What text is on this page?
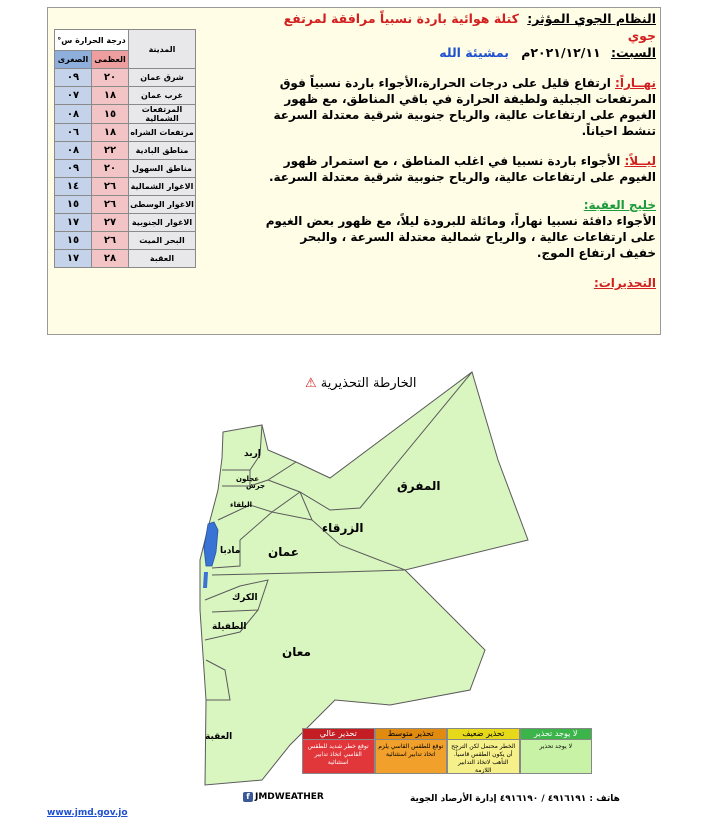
المدينة	درجة الحرارة س°	
	العظمى	الصغرى
شرق عمان	٢٠	٠٩
غرب عمان	١٨	٠٧
المرتفعات الشمالية	١٥	٠٨
مرتفعات الشراه	١٨	٠٦
مناطق البادية	٢٢	٠٨
مناطق السهول	٢٠	٠٩
الاغوار الشمالية	٢٦	١٤
الاغوار الوسطى	٢٦	١٥
الاغوار الجنوبية	٢٧	١٧
البحر الميت	٢٦	١٥
العقبة	٢٨	١٧
النظام الجوي المؤثر: كتلة هوائية باردة نسبياً مرافقة لمرتفع جوي
السبت: ٢٠٢١/١٢/١١م بمشيئة الله
نهــاراً: ارتفاع قليل على درجات الحرارة،الأجواء باردة نسبياً فوق المرتفعات الجبلية ولطيفة الحرارة في باقي المناطق، مع ظهور الغيوم على ارتفاعات عالية، والرياح جنوبية شرقية معتدلة السرعة تنشط احياناً.
ليــلاً: الأجواء باردة نسبيا في اغلب المناطق ، مع استمرار ظهور الغيوم على ارتفاعات عالية، والرياح جنوبية شرقية معتدلة السرعة.
خليج العقبة:
الأجواء دافئة نسبيا نهاراً، ومائلة للبرودة ليلاً، مع ظهور بعض الغيوم على ارتفاعات عالية ، والرياح شمالية معتدلة السرعة ، والبحر خفيف ارتفاع الموج.
التحذيرات:
الخارطة التحذيرية ⚠
إربد
عجلون
جرش
البلقاء
المفرق
الزرقاء
عمان
مادبا
الكرك
الطفيلة
معان
العقبة	لا يوجد تحذير
لا يوجد تحذير
تحذير ضعيف
الخطر محتمل لكن الترجح أن يكون الطقس قاسياً. التأهب لاتخاذ التدابير اللازمة
تحذير متوسط
توقع للطقس القاسي يلزم اتخاذ تدابير استثنائية
تحذير عالي
توقع خطر شديد للطقس القاسي اتخاذ تدابير استثنائية
f JMDWEATHER	هاتف : ٤٩١٦١٩١ / ٤٩١٦١٩٠ إدارة الأرصاد الجوية
www.jmd.gov.jo
